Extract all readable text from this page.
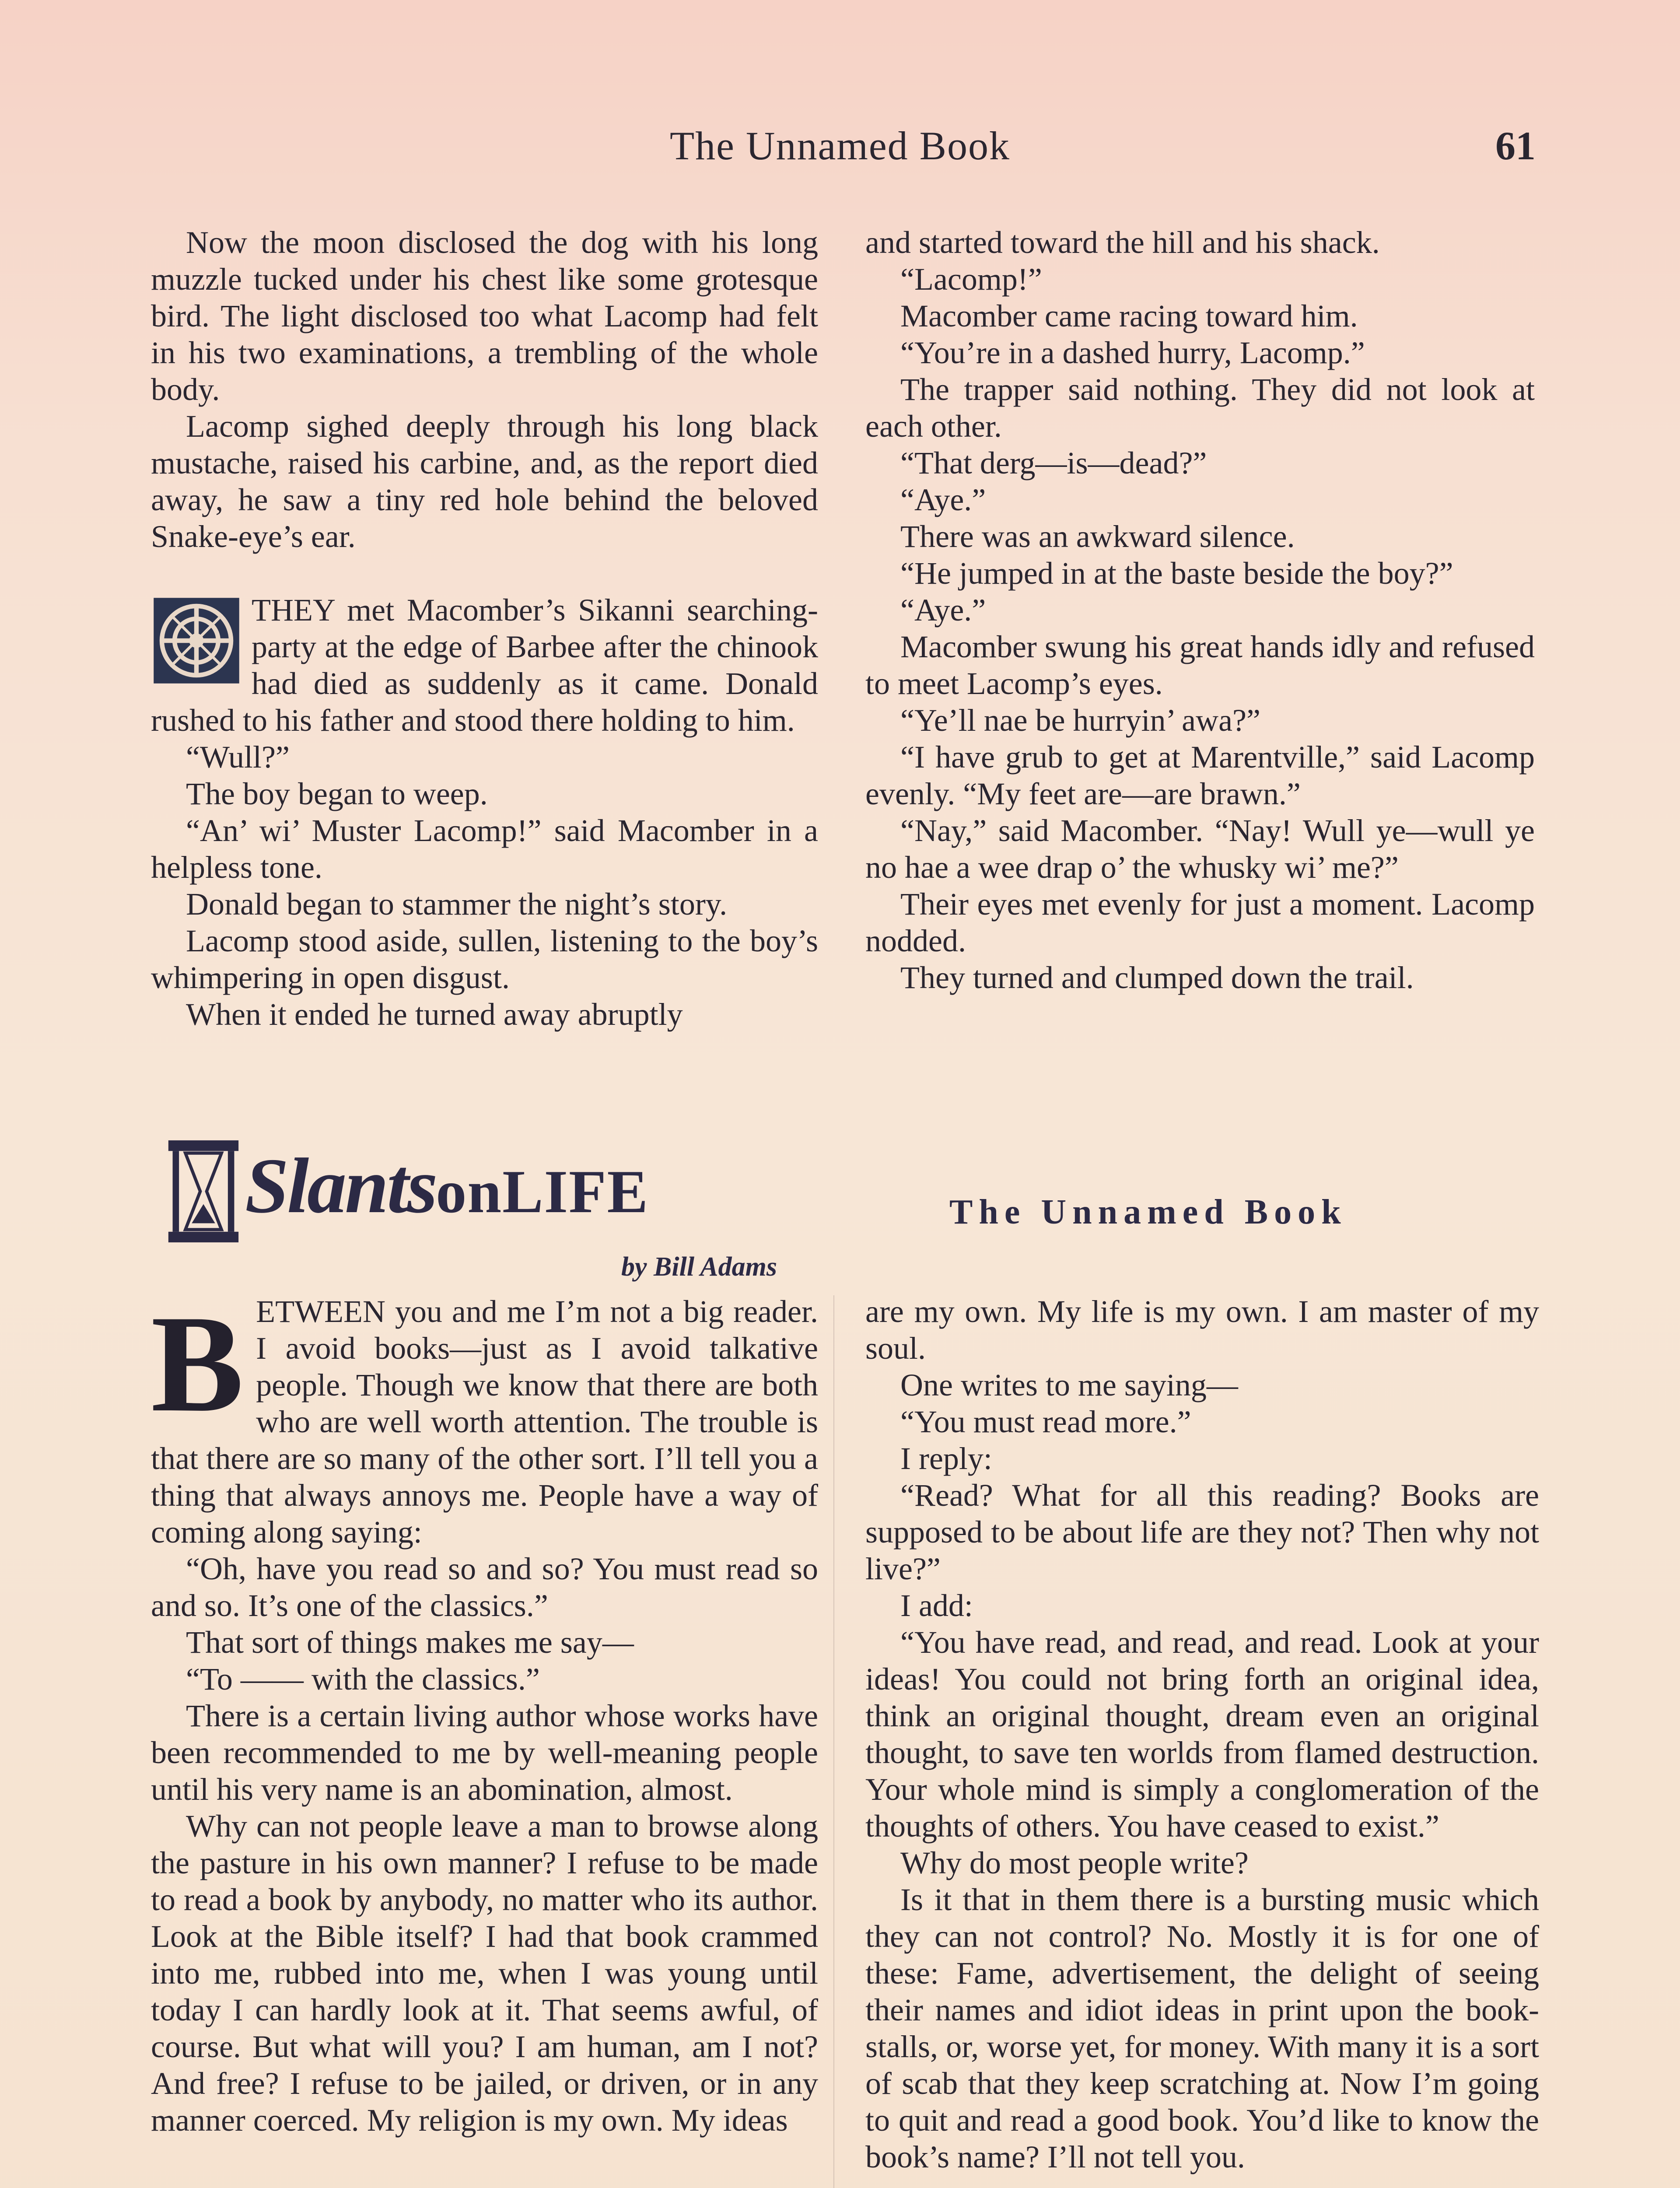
The Unnamed Book	61

Now the moon disclosed the dog with his long muzzle tucked under his chest like some grotesque bird. The light disclosed too what Lacomp had felt in his two examinations, a trembling of the whole body.

Lacomp sighed deeply through his long black mustache, raised his carbine, and, as the report died away, he saw a tiny red hole behind the beloved Snake-eye’s ear.

THEY met Macomber’s Sikanni searching-party at the edge of Barbee after the chinook had died as suddenly as it came. Donald rushed to his father and stood there holding to him.

“Wull?”

The boy began to weep.

“An’ wi’ Muster Lacomp!” said Macomber in a helpless tone.

Donald began to stammer the night’s story.

Lacomp stood aside, sullen, listening to the boy’s whimpering in open disgust.

When it ended he turned away abruptly

and started toward the hill and his shack.

“Lacomp!”

Macomber came racing toward him.

“You’re in a dashed hurry, Lacomp.”

The trapper said nothing. They did not look at each other.

“That derg—is—dead?”

“Aye.”

There was an awkward silence.

“He jumped in at the baste beside the boy?”

“Aye.”

Macomber swung his great hands idly and refused to meet Lacomp’s eyes.

“Ye’ll nae be hurryin’ awa?”

“I have grub to get at Marentville,” said Lacomp evenly. “My feet are—are brawn.”

“Nay,” said Macomber. “Nay! Wull ye—wull ye no hae a wee drap o’ the whusky wi’ me?”

Their eyes met evenly for just a moment. Lacomp nodded.

They turned and clumped down the trail.

SlantsonLIFE
by Bill Adams
The Unnamed Book

BETWEEN you and me I’m not a big reader. I avoid books—just as I avoid talkative people. Though we know that there are both who are well worth attention. The trouble is that there are so many of the other sort. I’ll tell you a thing that always annoys me. People have a way of coming along saying:

“Oh, have you read so and so? You must read so and so. It’s one of the classics.”

That sort of things makes me say—

“To —— with the classics.”

There is a certain living author whose works have been recommended to me by well-meaning people until his very name is an abomination, almost.

Why can not people leave a man to browse along the pasture in his own manner? I refuse to be made to read a book by anybody, no matter who its author. Look at the Bible itself? I had that book crammed into me, rubbed into me, when I was young until today I can hardly look at it. That seems awful, of course. But what will you? I am human, am I not? And free? I refuse to be jailed, or driven, or in any manner coerced. My religion is my own. My ideas

are my own. My life is my own. I am master of my soul.

One writes to me saying—

“You must read more.”

I reply:

“Read? What for all this reading? Books are supposed to be about life are they not? Then why not live?”

I add:

“You have read, and read, and read. Look at your ideas! You could not bring forth an original idea, think an original thought, dream even an original thought, to save ten worlds from flamed destruction. Your whole mind is simply a conglomeration of the thoughts of others. You have ceased to exist.”

Why do most people write?

Is it that in them there is a bursting music which they can not control? No. Mostly it is for one of these: Fame, advertisement, the delight of seeing their names and idiot ideas in print upon the book-stalls, or, worse yet, for money. With many it is a sort of scab that they keep scratching at. Now I’m going to quit and read a good book. You’d like to know the book’s name? I’ll not tell you.
